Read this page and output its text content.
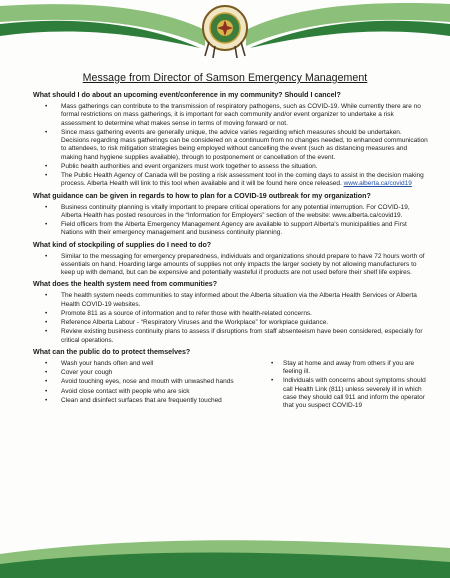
Message from Director of Samson Emergency Management

What should I do about an upcoming event/conference in my community? Should I cancel?

• Mass gatherings can contribute to the transmission of respiratory pathogens, such as COVID-19. While currently there are no formal restrictions on mass gatherings, it is important for each community and/or event organizer to undertake a risk assessment to determine what makes sense in terms of moving forward or not.
• Since mass gathering events are generally unique, the advice varies regarding which measures should be undertaken. Decisions regarding mass gatherings can be considered on a continuum from no changes needed, to enhanced communication to attendees, to risk mitigation strategies being employed without cancelling the event (such as distancing measures and making hand hygiene supplies available), through to postponement or cancellation of the event.
• Public health authorities and event organizers must work together to assess the situation.
• The Public Health Agency of Canada will be posting a risk assessment tool in the coming days to assist in the decision making process. Alberta Health will link to this tool when available and it will be found here once released. www.alberta.ca/covid19

What guidance can be given in regards to how to plan for a COVID-19 outbreak for my organization?

• Business continuity planning is vitally important to prepare critical operations for any potential interruption. For COVID-19, Alberta Health has posted resources in the “Information for Employers” section of the website: www.alberta.ca/covid19.
• Field officers from the Alberta Emergency Management Agency are available to support Alberta's municipalities and First Nations with their emergency management and business continuity planning.

What kind of stockpiling of supplies do I need to do?

• Similar to the messaging for emergency preparedness, individuals and organizations should prepare to have 72 hours worth of essentials on hand. Hoarding large amounts of supplies not only impacts the larger society by not allowing manufacturers to keep up with demand, but can be expensive and potentially wasteful if products are not used before their shelf life expires.

What does the health system need from communities?

• The health system needs communities to stay informed about the Alberta situation via the Alberta Health Services or Alberta Health COVID-19 websites.
• Promote 811 as a source of information and to refer those with health-related concerns.
• Reference Alberta Labour - “Respiratory Viruses and the Workplace” for workplace guidance.
• Review existing business continuity plans to assess if disruptions from staff absenteeism have been considered, especially for critical operations.

What can the public do to protect themselves?

• Wash your hands often and well
• Cover your cough
• Avoid touching eyes, nose and mouth with unwashed hands
• Avoid close contact with people who are sick
• Clean and disinfect surfaces that are frequently touched
• Stay at home and away from others if you are feeling ill.
• Individuals with concerns about symptoms should call Health Link (811) unless severely ill in which case they should call 911 and inform the operator that you suspect COVID-19
